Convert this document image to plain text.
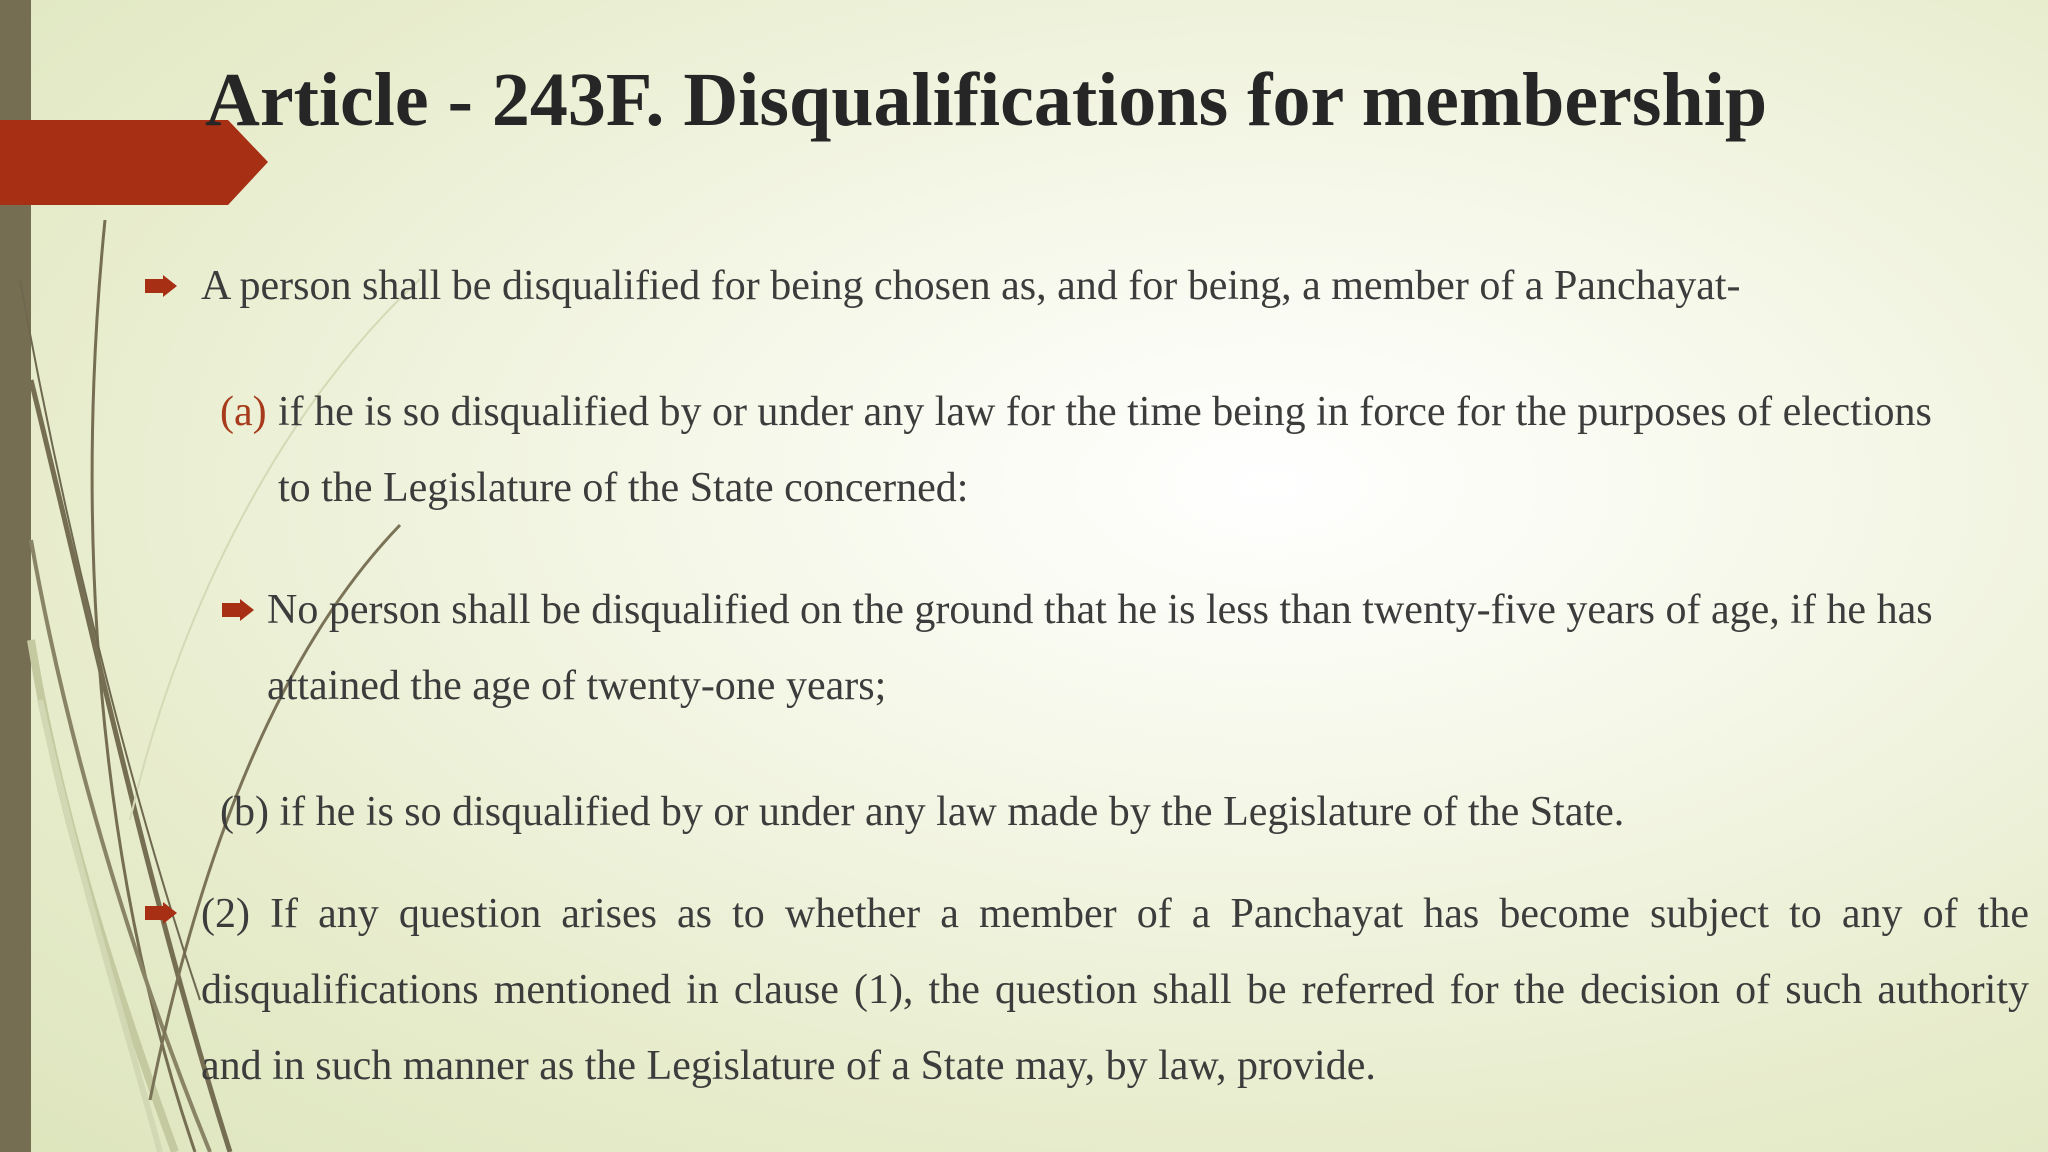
Article - 243F. Disqualifications for membership

A person shall be disqualified for being chosen as, and for being, a member of a Panchayat-

(a) if he is so disqualified by or under any law for the time being in force for the purposes of elections to the Legislature of the State concerned:

No person shall be disqualified on the ground that he is less than twenty-five years of age, if he has attained the age of twenty-one years;

(b) if he is so disqualified by or under any law made by the Legislature of the State.

(2) If any question arises as to whether a member of a Panchayat has become subject to any of the disqualifications mentioned in clause (1), the question shall be referred for the decision of such authority and in such manner as the Legislature of a State may, by law, provide.
